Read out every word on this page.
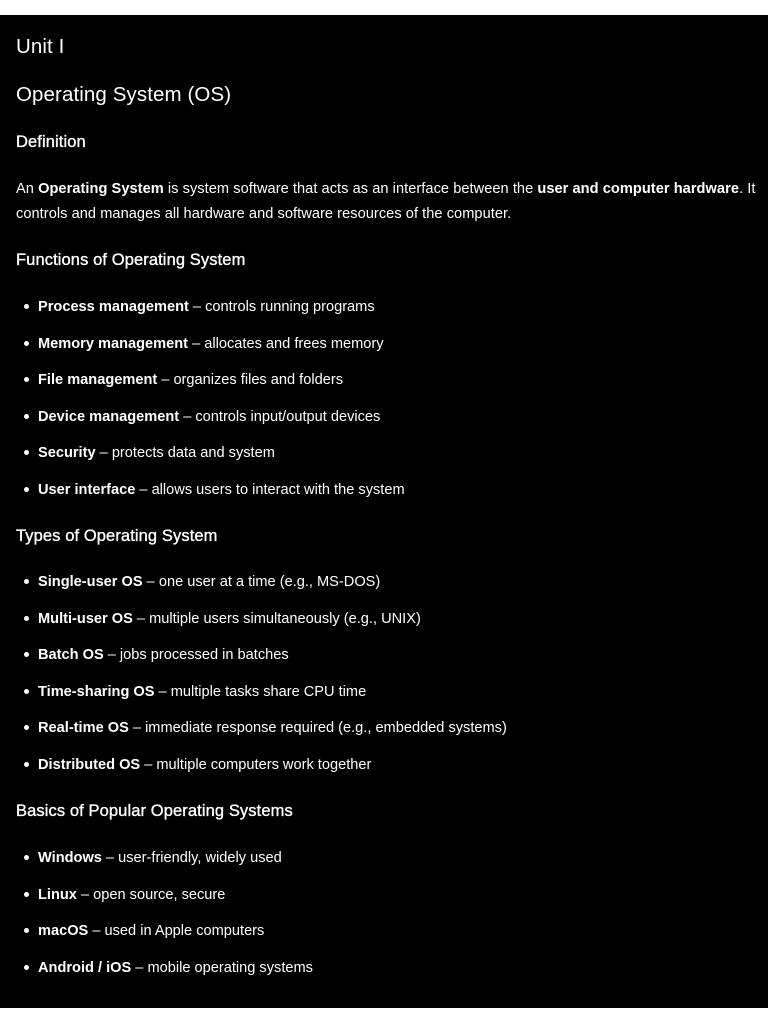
Unit I
Operating System (OS)
Definition

An Operating System is system software that acts as an interface between the user and computer hardware. It controls and manages all hardware and software resources of the computer.

Functions of Operating System
Process management – controls running programs
Memory management – allocates and frees memory
File management – organizes files and folders
Device management – controls input/output devices
Security – protects data and system
User interface – allows users to interact with the system
Types of Operating System
Single-user OS – one user at a time (e.g., MS-DOS)
Multi-user OS – multiple users simultaneously (e.g., UNIX)
Batch OS – jobs processed in batches
Time-sharing OS – multiple tasks share CPU time
Real-time OS – immediate response required (e.g., embedded systems)
Distributed OS – multiple computers work together
Basics of Popular Operating Systems
Windows – user-friendly, widely used
Linux – open source, secure
macOS – used in Apple computers
Android / iOS – mobile operating systems
